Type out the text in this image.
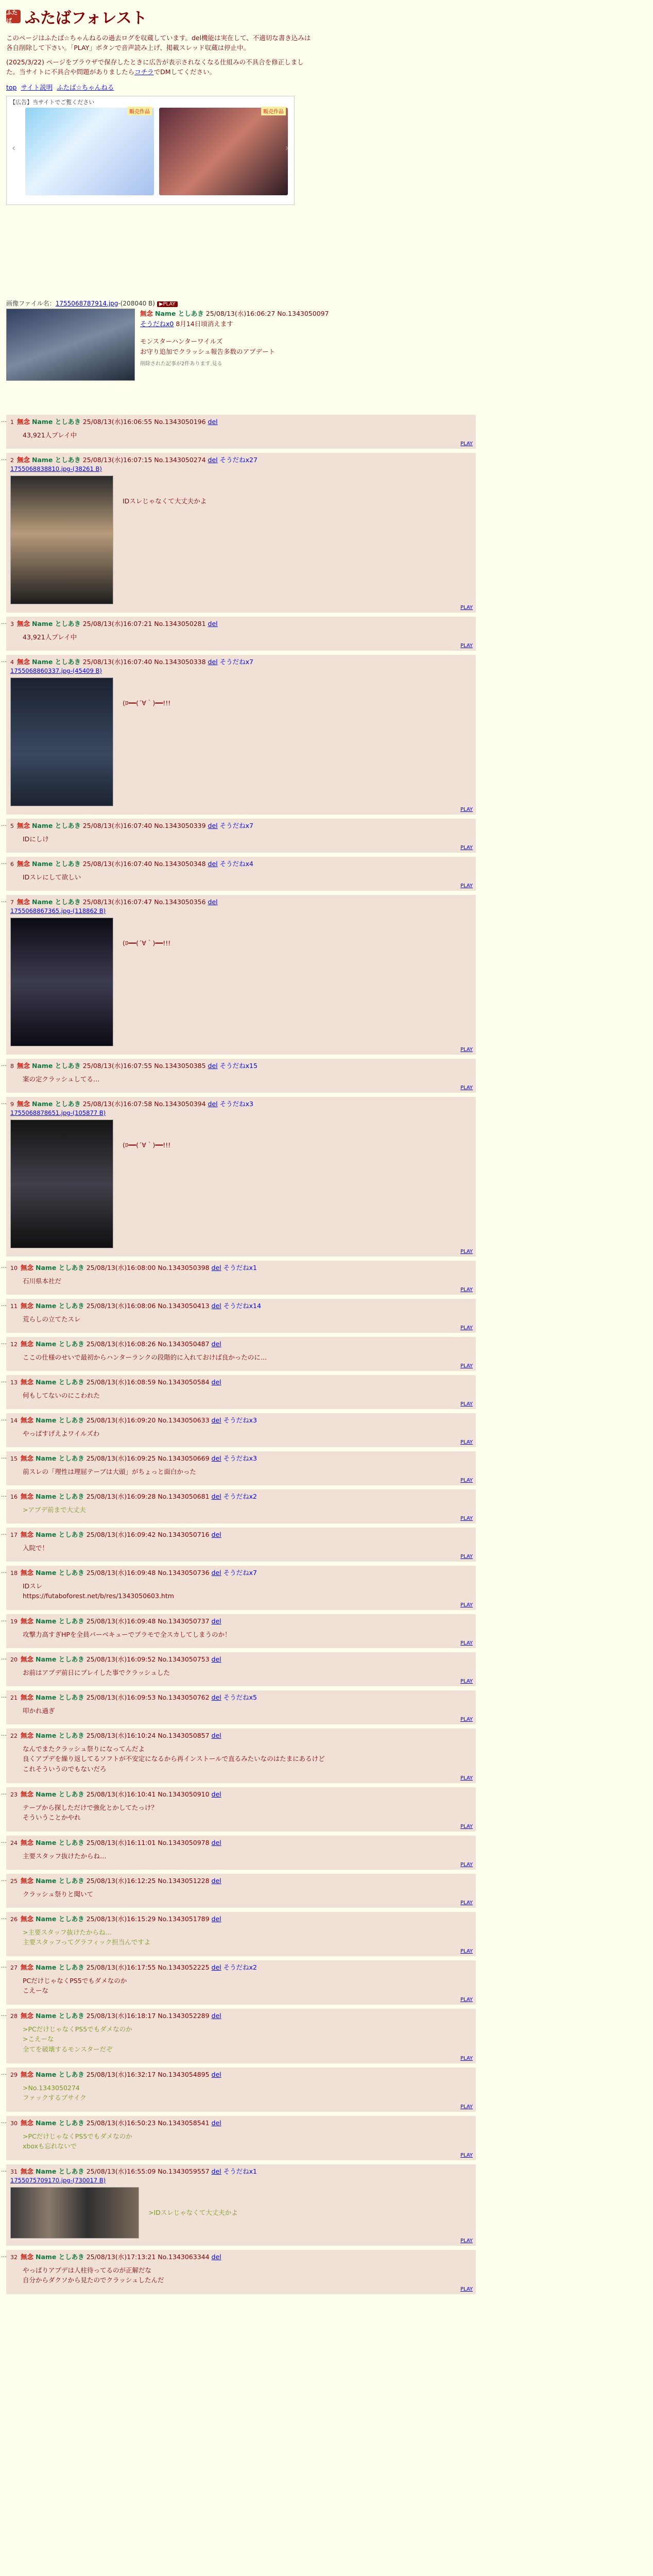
ふたば ふたばフォレスト

このページはふたば☆ちゃんねるの過去ログを収蔵しています。del機能は実在して、不適切な書き込みは各自削除して下さい。「PLAY」ボタンで音声読み上げ、掲載スレッド収蔵は停止中。

(2025/3/22) ページをブラウザで保存したときに広告が表示されなくなる仕組みの不具合を修正しました。当サイトに不具合や問題がありましたらコチラでDMしてください。

top サイト説明 ふたば☆ちゃんねる
【広告】当サイトでご覧ください
‹
販売作品	販売作品
›
画像ファイル名：1755068787914.jpg-(208040 B) ▶PLAY
無念 Name としあき 25/08/13(水)16:06:27 No.1343050097
そうだねx0 8月14日頃消えます

モンスターハンターワイルズ

お守り追加でクラッシュ報告多数のアプデート

削除された記事が2件あります.見る

… 1 無念 Name としあき 25/08/13(水)16:06:55 No.1343050196 del
43,921人プレイ中
PLAY
… 2 無念 Name としあき 25/08/13(水)16:07:15 No.1343050274 del そうだねx27
1755068838810.jpg-(38261 B)
IDスレじゃなくて大丈夫かよ
PLAY
… 3 無念 Name としあき 25/08/13(水)16:07:21 No.1343050281 del
43,921人プレイ中
PLAY
… 4 無念 Name としあき 25/08/13(水)16:07:40 No.1343050338 del そうだねx7
1755068860337.jpg-(45409 B)
(ﾛ━━(´∀｀)━━!!!
PLAY
… 5 無念 Name としあき 25/08/13(水)16:07:40 No.1343050339 del そうだねx7
IDにしけ
PLAY
… 6 無念 Name としあき 25/08/13(水)16:07:40 No.1343050348 del そうだねx4
IDスレにして欲しい
PLAY
… 7 無念 Name としあき 25/08/13(水)16:07:47 No.1343050356 del
1755068867365.jpg-(118862 B)
(ﾛ━━(´∀｀)━━!!!
PLAY
… 8 無念 Name としあき 25/08/13(水)16:07:55 No.1343050385 del そうだねx15
案の定クラッシュしてる…
PLAY
… 9 無念 Name としあき 25/08/13(水)16:07:58 No.1343050394 del そうだねx3
1755068878651.jpg-(105877 B)
(ﾛ━━(´∀｀)━━!!!
PLAY
… 10 無念 Name としあき 25/08/13(水)16:08:00 No.1343050398 del そうだねx1
石川県本社だ
PLAY
… 11 無念 Name としあき 25/08/13(水)16:08:06 No.1343050413 del そうだねx14
荒らしの立てたスレ
PLAY
… 12 無念 Name としあき 25/08/13(水)16:08:26 No.1343050487 del
ここの仕様のせいで最初からハンターランクの段階的に入れておけば良かったのに…
PLAY
… 13 無念 Name としあき 25/08/13(水)16:08:59 No.1343050584 del
何もしてないのにこわれた
PLAY
… 14 無念 Name としあき 25/08/13(水)16:09:20 No.1343050633 del そうだねx3
やっぱすげえよワイルズわ
PLAY
… 15 無念 Name としあき 25/08/13(水)16:09:25 No.1343050669 del そうだねx3
前スレの「理性は理屈テーブは大頭」がちょっと面白かった
PLAY
… 16 無念 Name としあき 25/08/13(水)16:09:28 No.1343050681 del そうだねx2
>アプデ前まで大丈夫
PLAY
… 17 無念 Name としあき 25/08/13(水)16:09:42 No.1343050716 del
入院で！
PLAY
… 18 無念 Name としあき 25/08/13(水)16:09:48 No.1343050736 del そうだねx7
IDスレ
https://futaboforest.net/b/res/1343050603.htm
PLAY
… 19 無念 Name としあき 25/08/13(水)16:09:48 No.1343050737 del
攻撃力高すぎHPを全員バーベキューでプラモで全スカしてしまうのか！
PLAY
… 20 無念 Name としあき 25/08/13(水)16:09:52 No.1343050753 del
お前はアプデ前日にプレイした事でクラッシュした
PLAY
… 21 無念 Name としあき 25/08/13(水)16:09:53 No.1343050762 del そうだねx5
叩かれ過ぎ
PLAY
… 22 無念 Name としあき 25/08/13(水)16:10:24 No.1343050857 del
なんでまたクラッシュ祭りになってんだよ
良くアプデを繰り返してるソフトが不安定になるから再インストールで直るみたいなのはたまにあるけど
これそういうのでもないだろ
PLAY
… 23 無念 Name としあき 25/08/13(水)16:10:41 No.1343050910 del
テーブから探しただけで強化とかしてたっけ？
そういうことかやれ
PLAY
… 24 無念 Name としあき 25/08/13(水)16:11:01 No.1343050978 del
主要スタッフ抜けたからね…
PLAY
… 25 無念 Name としあき 25/08/13(水)16:12:25 No.1343051228 del
クラッシュ祭りと聞いて
PLAY
… 26 無念 Name としあき 25/08/13(水)16:15:29 No.1343051789 del
>主要スタッフ抜けたからね…
主要スタッフってグラフィック担当んですよ
PLAY
… 27 無念 Name としあき 25/08/13(水)16:17:55 No.1343052225 del そうだねx2
PCだけじゃなくPS5でもダメなのか
こえーな
PLAY
… 28 無念 Name としあき 25/08/13(水)16:18:17 No.1343052289 del
>PCだけじゃなくPS5でもダメなのか
>こえーな
全てを破壊するモンスターだぞ
PLAY
… 29 無念 Name としあき 25/08/13(水)16:32:17 No.1343054895 del
>No.1343050274
ファックするプサイク
PLAY
… 30 無念 Name としあき 25/08/13(水)16:50:23 No.1343058541 del
>PCだけじゃなくPS5でもダメなのか
xboxも忘れないで
PLAY
… 31 無念 Name としあき 25/08/13(水)16:55:09 No.1343059557 del そうだねx1
1755075709170.jpg-(730017 B)
>IDスレじゃなくて大丈夫かよ
PLAY
… 32 無念 Name としあき 25/08/13(水)17:13:21 No.1343063344 del
やっぱりアプデは人柱待ってるのが正解だな
自分からダクソから見たのでクラッシュしたんだ
PLAY
